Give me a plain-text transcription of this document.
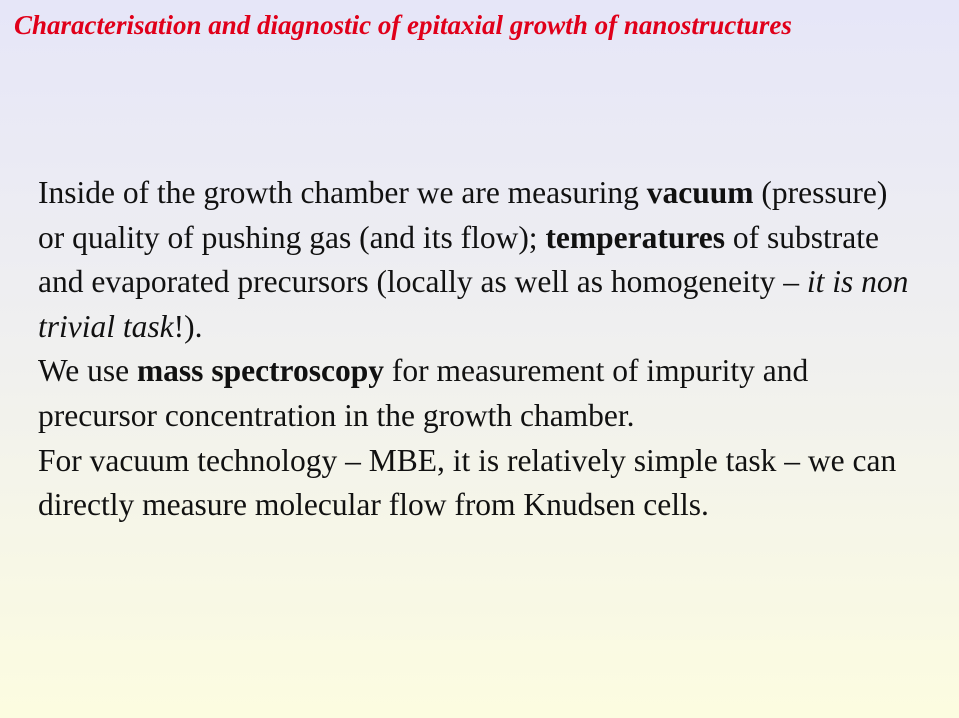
Characterisation and diagnostic of epitaxial growth of nanostructures
Inside of the growth chamber we are measuring vacuum (pressure) or quality of pushing gas (and its flow); temperatures of substrate and evaporated precursors (locally as well as homogeneity – it is non trivial task!).
We use mass spectroscopy for measurement of impurity and precursor concentration in the growth chamber.
For vacuum technology – MBE, it is relatively simple task – we can directly measure molecular flow from Knudsen cells.
